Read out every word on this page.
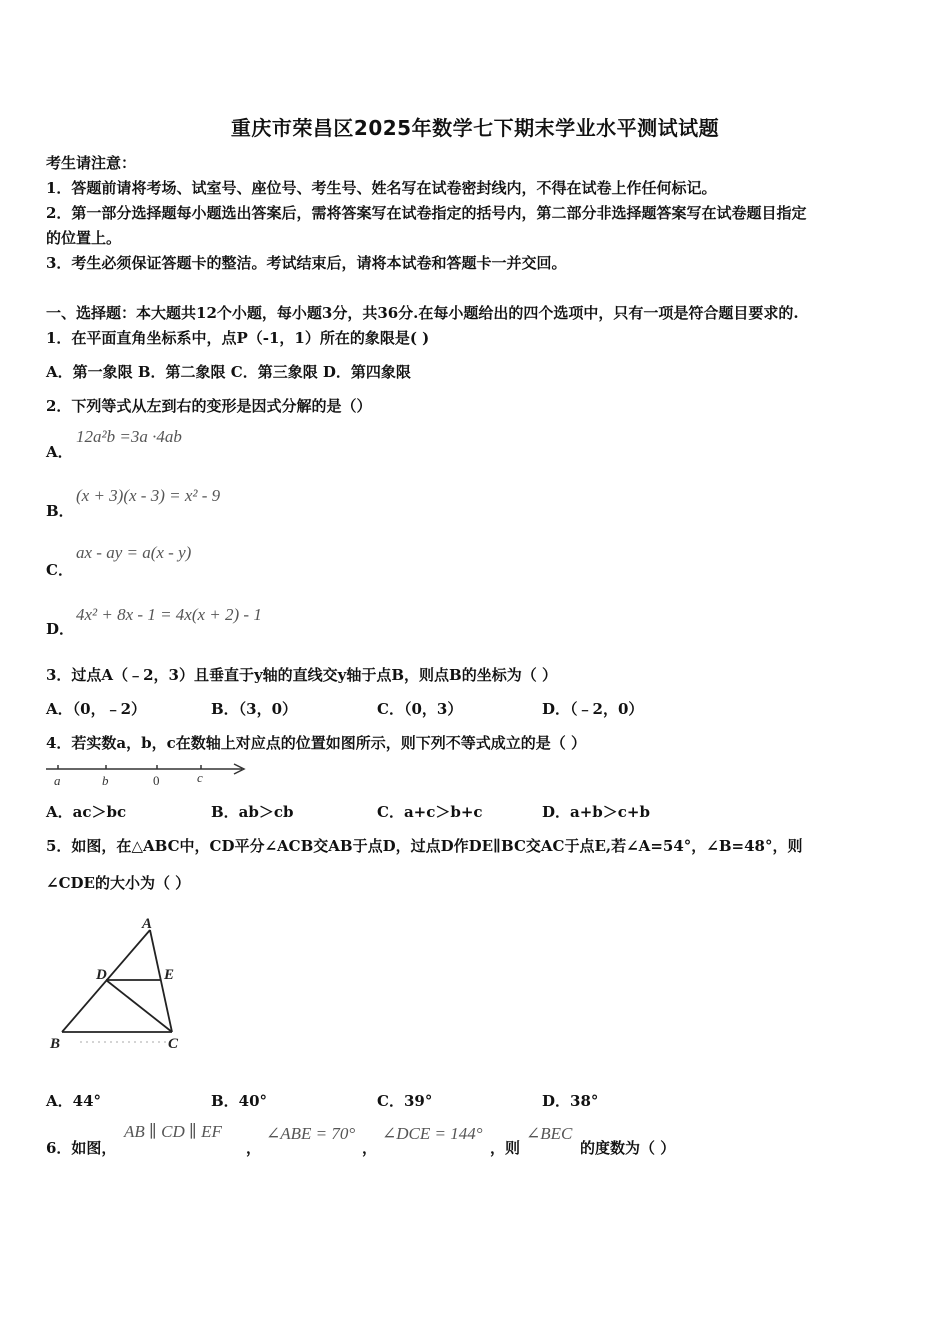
重庆市荣昌区2025年数学七下期末学业水平测试试题
考生请注意：
1．答题前请将考场、试室号、座位号、考生号、姓名写在试卷密封线内，不得在试卷上作任何标记。
2．第一部分选择题每小题选出答案后，需将答案写在试卷指定的括号内，第二部分非选择题答案写在试卷题目指定
的位置上。
3．考生必须保证答题卡的整洁。考试结束后，请将本试卷和答题卡一并交回。
一、选择题：本大题共12个小题，每小题3分，共36分.在每小题给出的四个选项中，只有一项是符合题目要求的.
1．在平面直角坐标系中，点P（-1，1）所在的象限是( )
A．第一象限 B．第二象限 C．第三象限 D．第四象限
2．下列等式从左到右的变形是因式分解的是（）
A．
12a²b =3a ·4ab
B．
(x + 3)(x - 3) = x² - 9
C．
ax - ay = a(x - y)
D．
4x² + 8x - 1 = 4x(x + 2) - 1
3．过点A（﹣2，3）且垂直于y轴的直线交y轴于点B，则点B的坐标为（ ）
A．（0，﹣2）	B．（3，0）	C．（0，3）	D．（﹣2，0）
4．若实数a，b，c在数轴上对应点的位置如图所示，则下列不等式成立的是（ ）
a	b	0	c
A．ac＞bc	B．ab＞cb	C．a+c＞b+c	D．a+b＞c+b
5．如图，在△ABC中，CD平分∠ACB交AB于点D，过点D作DE∥BC交AC于点E,若∠A=54°，∠B=48°，则
∠CDE的大小为（ ）
A
D	E
B	C
A．44°	B．40°	C．39°	D．38°
6．如图，
AB ∥ CD ∥ EF
，
∠ABE = 70°
，
∠DCE = 144°
，则
∠BEC
的度数为（ ）
